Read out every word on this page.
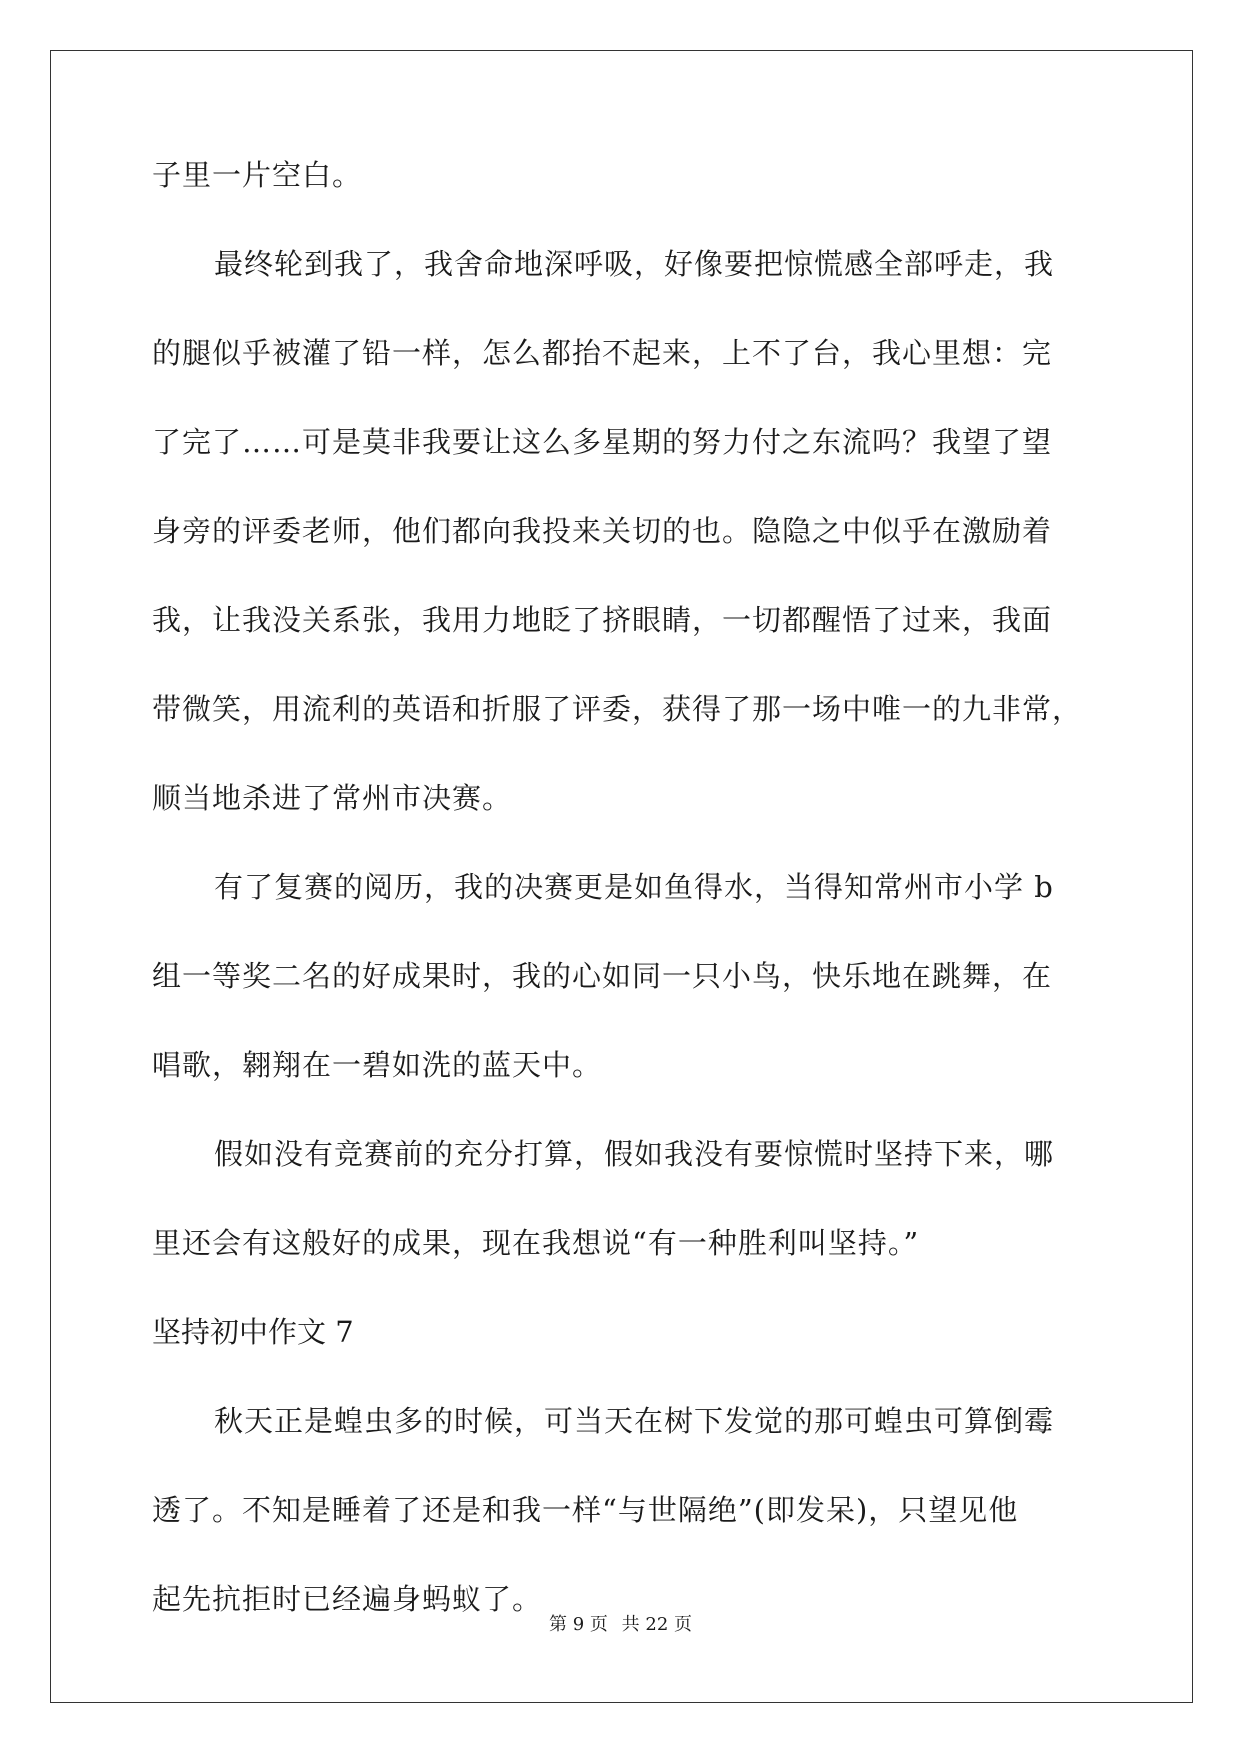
子里一片空白。
最终轮到我了，我舍命地深呼吸，好像要把惊慌感全部呼走，我
的腿似乎被灌了铅一样，怎么都抬不起来，上不了台，我心里想：完
了完了……可是莫非我要让这么多星期的努力付之东流吗？我望了望
身旁的评委老师，他们都向我投来关切的也。隐隐之中似乎在激励着
我，让我没关系张，我用力地眨了挤眼睛，一切都醒悟了过来，我面
带微笑，用流利的英语和折服了评委，获得了那一场中唯一的九非常，
顺当地杀进了常州市决赛。
有了复赛的阅历，我的决赛更是如鱼得水，当得知常州市小学 b
组一等奖二名的好成果时，我的心如同一只小鸟，快乐地在跳舞，在
唱歌，翱翔在一碧如洗的蓝天中。
假如没有竞赛前的充分打算，假如我没有要惊慌时坚持下来，哪
里还会有这般好的成果，现在我想说“有一种胜利叫坚持。”
坚持初中作文 7
秋天正是蝗虫多的时候，可当天在树下发觉的那可蝗虫可算倒霉
透了。不知是睡着了还是和我一样“与世隔绝”(即发呆)，只望见他
起先抗拒时已经遍身蚂蚁了。
第 9 页 共 22 页
